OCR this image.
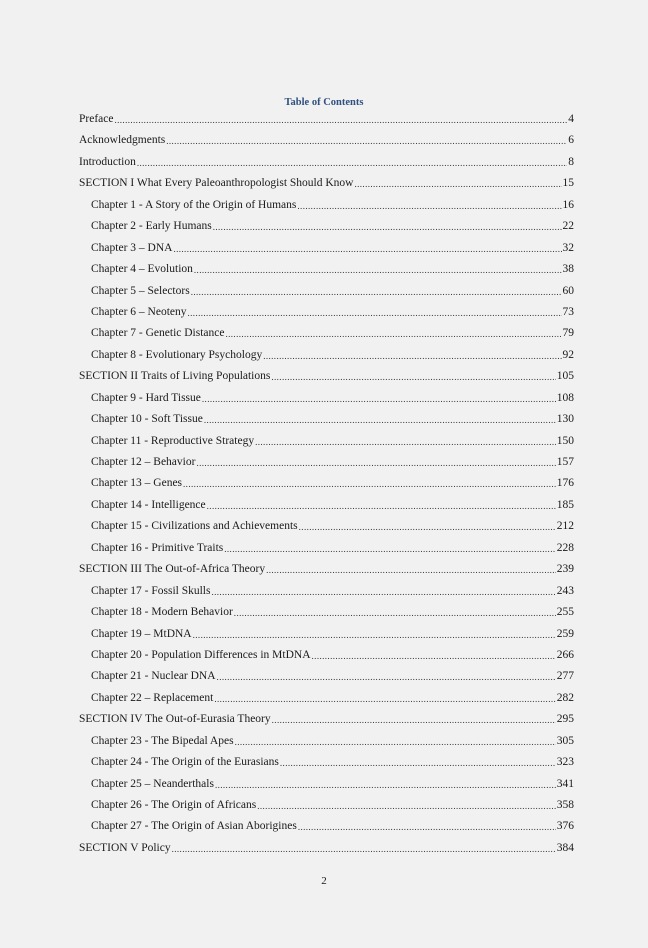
Table of Contents
Preface .....	4
Acknowledgments .....	6
Introduction .....	8
SECTION I What Every Paleoanthropologist Should Know .....	15
Chapter 1 - A Story of the Origin of Humans .....	16
Chapter 2 - Early Humans .....	22
Chapter 3 – DNA .....	32
Chapter 4 – Evolution .....	38
Chapter 5 – Selectors .....	60
Chapter 6 – Neoteny .....	73
Chapter 7 - Genetic Distance .....	79
Chapter 8 - Evolutionary Psychology .....	92
SECTION II Traits of Living Populations .....	105
Chapter 9 - Hard Tissue .....	108
Chapter 10 - Soft Tissue .....	130
Chapter 11 - Reproductive Strategy .....	150
Chapter 12 – Behavior .....	157
Chapter 13 – Genes .....	176
Chapter 14 - Intelligence .....	185
Chapter 15 - Civilizations and Achievements .....	212
Chapter 16 - Primitive Traits .....	228
SECTION III The Out-of-Africa Theory .....	239
Chapter 17 - Fossil Skulls .....	243
Chapter 18 - Modern Behavior .....	255
Chapter 19 – MtDNA .....	259
Chapter 20 - Population Differences in MtDNA .....	266
Chapter 21 - Nuclear DNA .....	277
Chapter 22 – Replacement .....	282
SECTION IV The Out-of-Eurasia Theory .....	295
Chapter 23 - The Bipedal Apes .....	305
Chapter 24 - The Origin of the Eurasians .....	323
Chapter 25 – Neanderthals .....	341
Chapter 26 - The Origin of Africans .....	358
Chapter 27 - The Origin of Asian Aborigines .....	376
SECTION V Policy .....	384
2
